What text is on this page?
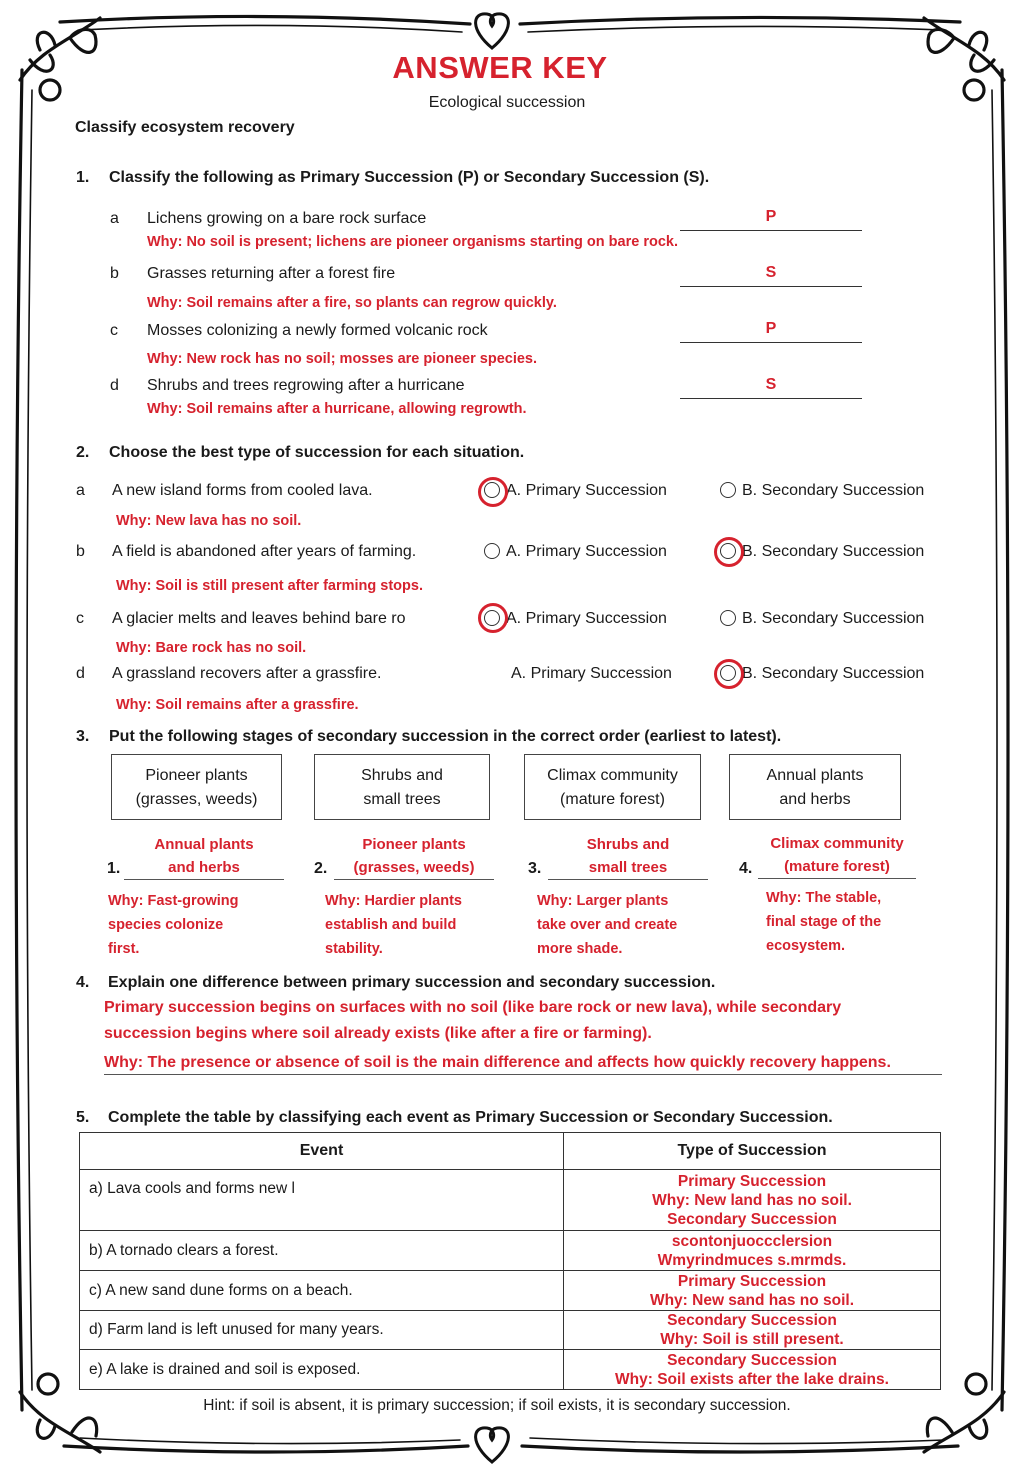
ANSWER KEY
Ecological succession
Classify ecosystem recovery
1. Classify the following as Primary Succession (P) or Secondary Succession (S).
a Lichens growing on a bare rock surface
Why: No soil is present; lichens are pioneer organisms starting on bare rock.
P
b Grasses returning after a forest fire
Why: Soil remains after a fire, so plants can regrow quickly.
S
c Mosses colonizing a newly formed volcanic rock
Why: New rock has no soil; mosses are pioneer species.
P
d Shrubs and trees regrowing after a hurricane
Why: Soil remains after a hurricane, allowing regrowth.
S
2. Choose the best type of succession for each situation.
a A new island forms from cooled lava.
Why: New lava has no soil.
A. Primary Succession	B. Secondary Succession
b A field is abandoned after years of farming.
Why: Soil is still present after farming stops.
A. Primary Succession	B. Secondary Succession
c A glacier melts and leaves behind bare ro
Why: Bare rock has no soil.
A. Primary Succession	B. Secondary Succession
d A grassland recovers after a grassfire.
Why: Soil remains after a grassfire.
A. Primary Succession	B. Secondary Succession
3. Put the following stages of secondary succession in the correct order (earliest to latest).
Pioneer plants
(grasses, weeds)
Shrubs and
small trees
Climax community
(mature forest)
Annual plants
and herbs
1.
Annual plants
and herbs
Why: Fast-growing
species colonize
first.
2.
Pioneer plants
(grasses, weeds)
Why: Hardier plants
establish and build
stability.
3.
Shrubs and
small trees
Why: Larger plants
take over and create
more shade.
4.
Climax community
(mature forest)
Why: The stable,
final stage of the
ecosystem.
4. Explain one difference between primary succession and secondary succession.
Primary succession begins on surfaces with no soil (like bare rock or new lava), while secondary
succession begins where soil already exists (like after a fire or farming).
Why: The presence or absence of soil is the main difference and affects how quickly recovery happens.
5. Complete the table by classifying each event as Primary Succession or Secondary Succession.
Event	Type of Succession
a) Lava cools and forms new l	Primary Succession
Why: New land has no soil.
Secondary Succession

b) A tornado clears a forest.	scontonjuoccclersion
Wmyrindmuces s.mrmds.

c) A new sand dune forms on a beach.	Primary Succession
Why: New sand has no soil.

d) Farm land is left unused for many years.	Secondary Succession
Why: Soil is still present.

e) A lake is drained and soil is exposed.	Secondary Succession
Why: Soil exists after the lake drains.
Hint: if soil is absent, it is primary succession; if soil exists, it is secondary succession.
